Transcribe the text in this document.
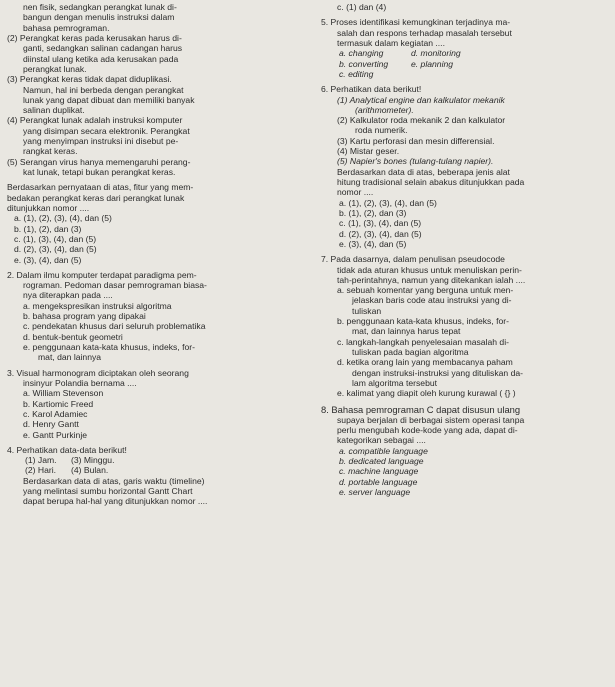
nen fisik, sedangkan perangkat lunak di-

bangun dengan menulis instruksi dalam

bahasa pemrograman.

(2) Perangkat keras pada kerusakan harus di-

ganti, sedangkan salinan cadangan harus

diinstal ulang ketika ada kerusakan pada

perangkat lunak.

(3) Perangkat keras tidak dapat diduplikasi.

Namun, hal ini berbeda dengan perangkat

lunak yang dapat dibuat dan memiliki banyak

salinan duplikat.

(4) Perangkat lunak adalah instruksi komputer

yang disimpan secara elektronik. Perangkat

yang menyimpan instruksi ini disebut pe-

rangkat keras.

(5) Serangan virus hanya memengaruhi perang-

kat lunak, tetapi bukan perangkat keras.

Berdasarkan pernyataan di atas, fitur yang mem-

bedakan perangkat keras dari perangkat lunak

ditunjukkan nomor ....

a. (1), (2), (3), (4), dan (5)

b. (1), (2), dan (3)

c. (1), (3), (4), dan (5)

d. (2), (3), (4), dan (5)

e. (3), (4), dan (5)

2. Dalam ilmu komputer terdapat paradigma pem-

rograman. Pedoman dasar pemrograman biasa-

nya diterapkan pada ....

a. mengekspresikan instruksi algoritma

b. bahasa program yang dipakai

c. pendekatan khusus dari seluruh problematika

d. bentuk-bentuk geometri

e. penggunaan kata-kata khusus, indeks, for-

mat, dan lainnya

3. Visual harmonogram diciptakan oleh seorang

insinyur Polandia bernama ....

a. William Stevenson

b. Kartiomic Freed

c. Karol Adamiec

d. Henry Gantt

e. Gantt Purkinje

4. Perhatikan data-data berikut!

(1) Jam.	(3) Minggu.
(2) Hari.	(4) Bulan.

Berdasarkan data di atas, garis waktu (timeline)

yang melintasi sumbu horizontal Gantt Chart

dapat berupa hal-hal yang ditunjukkan nomor ....

c. (1) dan (4)

5. Proses identifikasi kemungkinan terjadinya ma-

salah dan respons terhadap masalah tersebut

termasuk dalam kegiatan ....

a. changing	d. monitoring
b. converting	e. planning
c. editing

6. Perhatikan data berikut!

(1) Analytical engine dan kalkulator mekanik

(arithmometer).

(2) Kalkulator roda mekanik 2 dan kalkulator

roda numerik.

(3) Kartu perforasi dan mesin differensial.

(4) Mistar geser.

(5) Napier's bones (tulang-tulang napier).

Berdasarkan data di atas, beberapa jenis alat

hitung tradisional selain abakus ditunjukkan pada

nomor ....

a. (1), (2), (3), (4), dan (5)

b. (1), (2), dan (3)

c. (1), (3), (4), dan (5)

d. (2), (3), (4), dan (5)

e. (3), (4), dan (5)

7. Pada dasarnya, dalam penulisan pseudocode

tidak ada aturan khusus untuk menuliskan perin-

tah-perintahnya, namun yang ditekankan ialah ....

a. sebuah komentar yang berguna untuk men-

jelaskan baris code atau instruksi yang di-

tuliskan

b. penggunaan kata-kata khusus, indeks, for-

mat, dan lainnya harus tepat

c. langkah-langkah penyelesaian masalah di-

tuliskan pada bagian algoritma

d. ketika orang lain yang membacanya paham

dengan instruksi-instruksi yang dituliskan da-

lam algoritma tersebut

e. kalimat yang diapit oleh kurung kurawal ( {} )

8. Bahasa pemrograman C dapat disusun ulang

supaya berjalan di berbagai sistem operasi tanpa

perlu mengubah kode-kode yang ada, dapat di-

kategorikan sebagai ....

a. compatible language

b. dedicated language

c. machine language

d. portable language

e. server language
